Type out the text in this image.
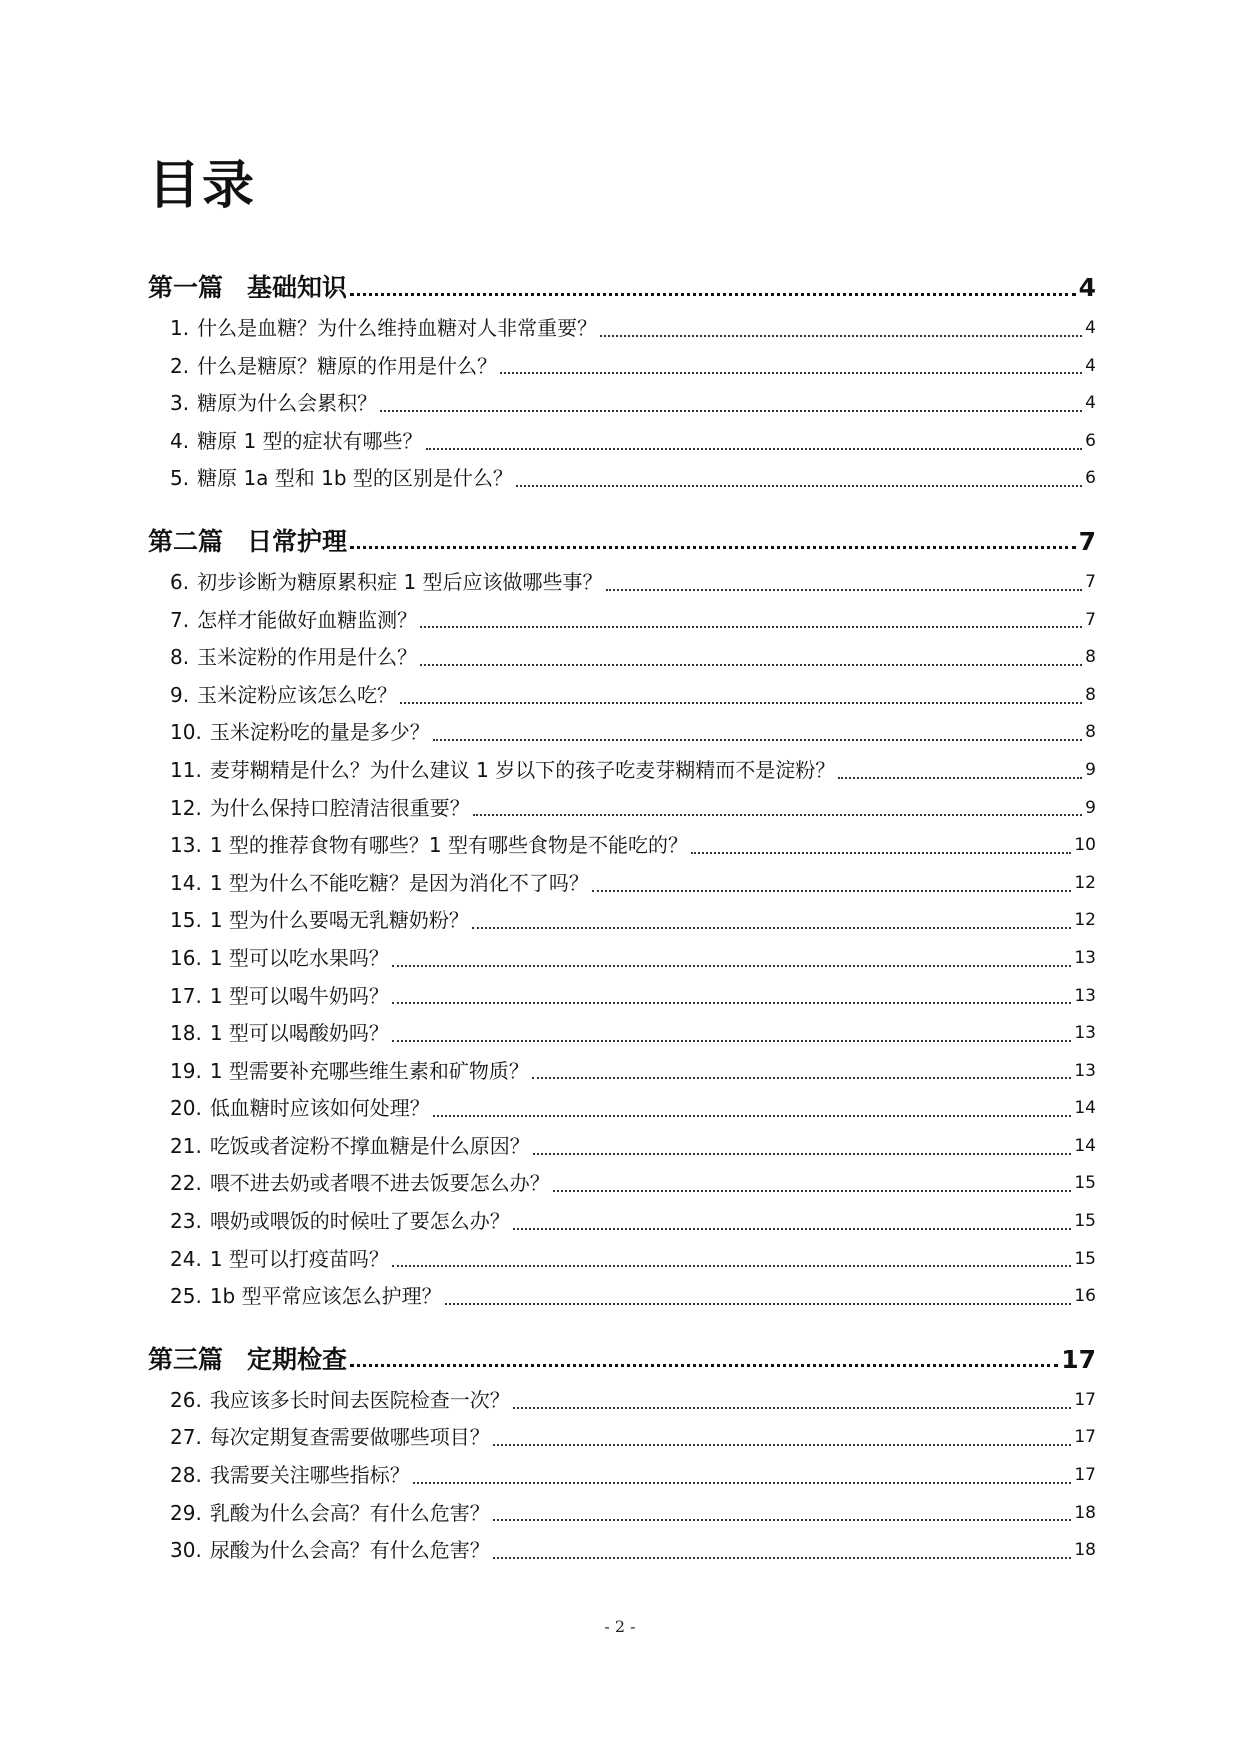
目录
第一篇 基础知识	4
1. 什么是血糖？为什么维持血糖对人非常重要？	4
2. 什么是糖原？糖原的作用是什么？	4
3. 糖原为什么会累积？	4
4. 糖原 1 型的症状有哪些？	6
5. 糖原 1a 型和 1b 型的区别是什么？	6
第二篇 日常护理	7
6. 初步诊断为糖原累积症 1 型后应该做哪些事？	7
7. 怎样才能做好血糖监测？	7
8. 玉米淀粉的作用是什么？	8
9. 玉米淀粉应该怎么吃？	8
10. 玉米淀粉吃的量是多少？	8
11. 麦芽糊精是什么？为什么建议 1 岁以下的孩子吃麦芽糊精而不是淀粉？	9
12. 为什么保持口腔清洁很重要？	9
13. 1 型的推荐食物有哪些？1 型有哪些食物是不能吃的？	10
14. 1 型为什么不能吃糖？是因为消化不了吗？	12
15. 1 型为什么要喝无乳糖奶粉？	12
16. 1 型可以吃水果吗？	13
17. 1 型可以喝牛奶吗？	13
18. 1 型可以喝酸奶吗？	13
19. 1 型需要补充哪些维生素和矿物质？	13
20. 低血糖时应该如何处理？	14
21. 吃饭或者淀粉不撑血糖是什么原因？	14
22. 喂不进去奶或者喂不进去饭要怎么办？	15
23. 喂奶或喂饭的时候吐了要怎么办？	15
24. 1 型可以打疫苗吗？	15
25. 1b 型平常应该怎么护理？	16
第三篇 定期检查	17
26. 我应该多长时间去医院检查一次？	17
27. 每次定期复查需要做哪些项目？	17
28. 我需要关注哪些指标？	17
29. 乳酸为什么会高？有什么危害？	18
30. 尿酸为什么会高？有什么危害？	18
- 2 -
